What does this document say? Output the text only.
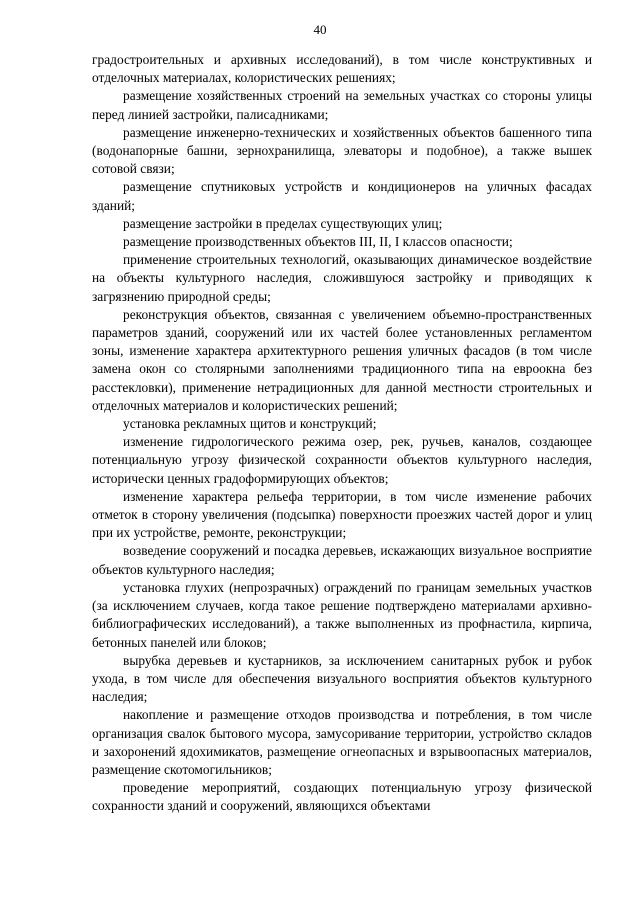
40

градостроительных и архивных исследований), в том числе конструктивных и отделочных материалах, колористических решениях;

размещение хозяйственных строений на земельных участках со стороны улицы перед линией застройки, палисадниками;

размещение инженерно-технических и хозяйственных объектов башенного типа (водонапорные башни, зернохранилища, элеваторы и подобное), а также вышек сотовой связи;

размещение спутниковых устройств и кондиционеров на уличных фасадах зданий;

размещение застройки в пределах существующих улиц;

размещение производственных объектов III, II, I классов опасности;

применение строительных технологий, оказывающих динамическое воздействие на объекты культурного наследия, сложившуюся застройку и приводящих к загрязнению природной среды;

реконструкция объектов, связанная с увеличением объемно-пространственных параметров зданий, сооружений или их частей более установленных регламентом зоны, изменение характера архитектурного решения уличных фасадов (в том числе замена окон со столярными заполнениями традиционного типа на евроокна без расстекловки), применение нетрадиционных для данной местности строительных и отделочных материалов и колористических решений;

установка рекламных щитов и конструкций;

изменение гидрологического режима озер, рек, ручьев, каналов, создающее потенциальную угрозу физической сохранности объектов культурного наследия, исторически ценных градоформирующих объектов;

изменение характера рельефа территории, в том числе изменение рабочих отметок в сторону увеличения (подсыпка) поверхности проезжих частей дорог и улиц при их устройстве, ремонте, реконструкции;

возведение сооружений и посадка деревьев, искажающих визуальное восприятие объектов культурного наследия;

установка глухих (непрозрачных) ограждений по границам земельных участков (за исключением случаев, когда такое решение подтверждено материалами архивно-библиографических исследований), а также выполненных из профнастила, кирпича, бетонных панелей или блоков;

вырубка деревьев и кустарников, за исключением санитарных рубок и рубок ухода, в том числе для обеспечения визуального восприятия объектов культурного наследия;

накопление и размещение отходов производства и потребления, в том числе организация свалок бытового мусора, замусоривание территории, устройство складов и захоронений ядохимикатов, размещение огнеопасных и взрывоопасных материалов, размещение скотомогильников;

проведение мероприятий, создающих потенциальную угрозу физической сохранности зданий и сооружений, являющихся объектами
